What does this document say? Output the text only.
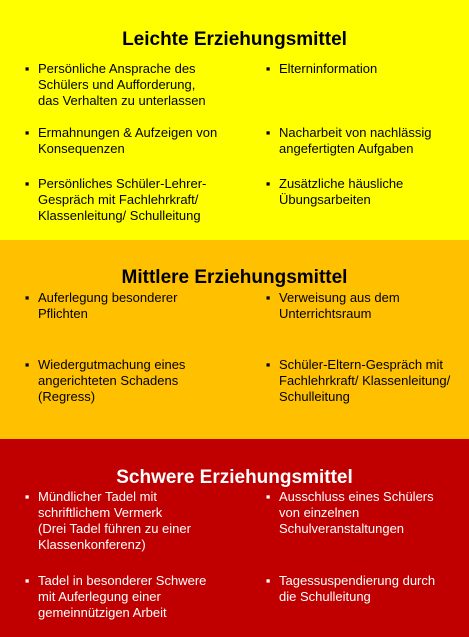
Leichte Erziehungsmittel
▪ Persönliche Ansprache des
Schülers und Aufforderung,
das Verhalten zu unterlassen
▪ Ermahnungen & Aufzeigen von
Konsequenzen
▪ Persönliches Schüler-Lehrer-
Gespräch mit Fachlehrkraft/
Klassenleitung/ Schulleitung
▪ Elterninformation
▪ Nacharbeit von nachlässig
angefertigten Aufgaben
▪ Zusätzliche häusliche
Übungsarbeiten
Mittlere Erziehungsmittel
▪ Auferlegung besonderer
Pflichten
▪ Wiedergutmachung eines
angerichteten Schadens
(Regress)
▪ Verweisung aus dem
Unterrichtsraum
▪ Schüler-Eltern-Gespräch mit
Fachlehrkraft/ Klassenleitung/
Schulleitung
Schwere Erziehungsmittel
▪ Mündlicher Tadel mit
schriftlichem Vermerk
(Drei Tadel führen zu einer
Klassenkonferenz)
▪ Tadel in besonderer Schwere
mit Auferlegung einer
gemeinnützigen Arbeit
▪ Ausschluss eines Schülers
von einzelnen
Schulveranstaltungen
▪ Tagessuspendierung durch
die Schulleitung
